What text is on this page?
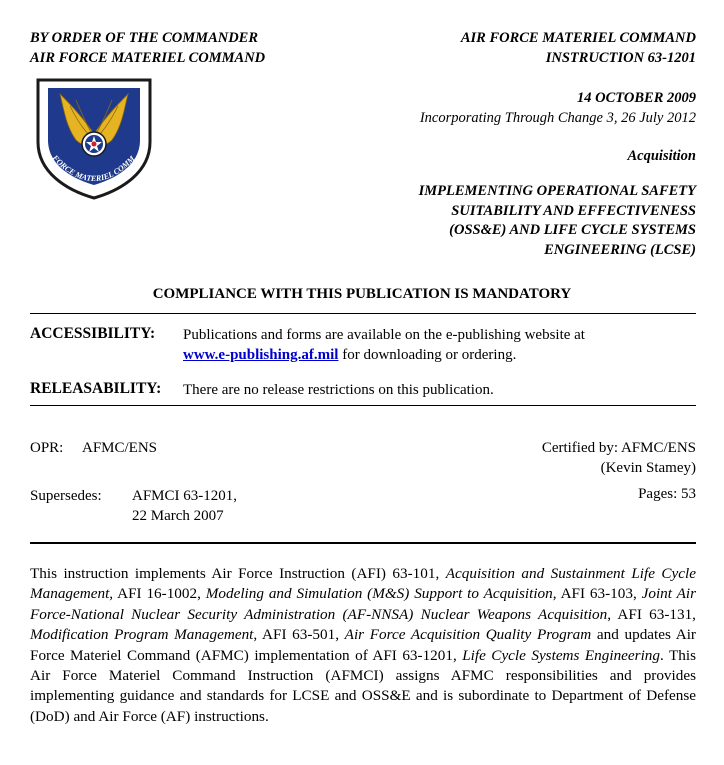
BY ORDER OF THE COMMANDER
AIR FORCE MATERIEL COMMAND
FORCE MATERIEL COMM
AIR FORCE MATERIEL COMMAND
INSTRUCTION 63-1201
14 OCTOBER 2009
Incorporating Through Change 3, 26 July 2012
Acquisition
IMPLEMENTING OPERATIONAL SAFETY
SUITABILITY AND EFFECTIVENESS
(OSS&E) AND LIFE CYCLE SYSTEMS
ENGINEERING (LCSE)
COMPLIANCE WITH THIS PUBLICATION IS MANDATORY
ACCESSIBILITY: Publications and forms are available on the e-publishing website at
www.e-publishing.af.mil for downloading or ordering.
RELEASABILITY: There are no release restrictions on this publication.
OPR: AFMC/ENS	Certified by: AFMC/ENS
(Kevin Stamey)
Supersedes: AFMCI 63-1201,
22 March 2007
Pages: 53
This instruction implements Air Force Instruction (AFI) 63-101, Acquisition and Sustainment Life Cycle Management, AFI 16-1002, Modeling and Simulation (M&S) Support to Acquisition, AFI 63-103, Joint Air Force-National Nuclear Security Administration (AF-NNSA) Nuclear Weapons Acquisition, AFI 63-131, Modification Program Management, AFI 63-501, Air Force Acquisition Quality Program and updates Air Force Materiel Command (AFMC) implementation of AFI 63-1201, Life Cycle Systems Engineering. This Air Force Materiel Command Instruction (AFMCI) assigns AFMC responsibilities and provides implementing guidance and standards for LCSE and OSS&E and is subordinate to Department of Defense (DoD) and Air Force (AF) instructions.
